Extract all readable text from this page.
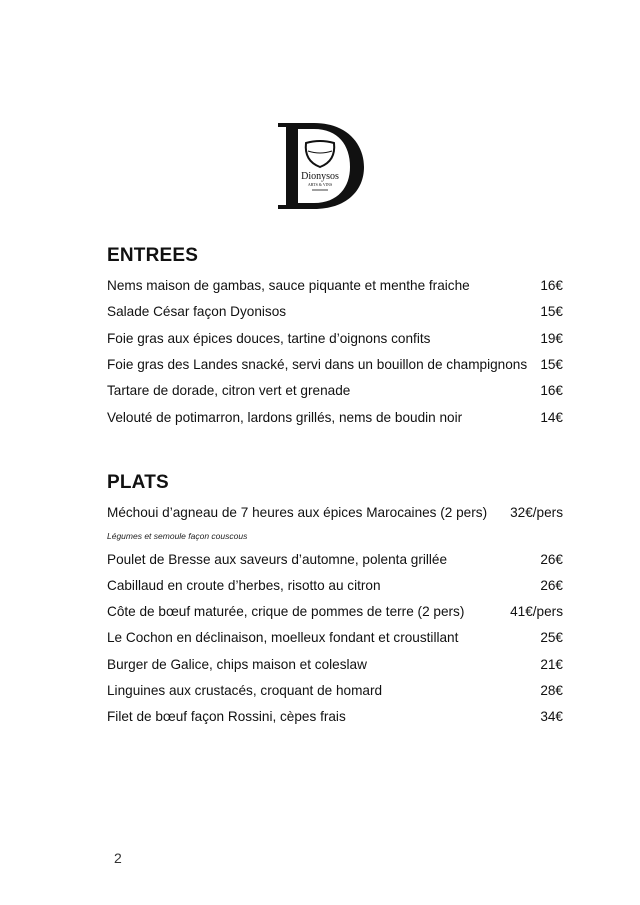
Dionysos
ARTS & VINS
ENTREES
Nems maison de gambas, sauce piquante et menthe fraiche	16€
Salade César façon Dyonisos	15€
Foie gras aux épices douces, tartine d’oignons confits	19€
Foie gras des Landes snacké, servi dans un bouillon de champignons 15€
Tartare de dorade, citron vert et grenade	16€
Velouté de potimarron, lardons grillés, nems de boudin noir	14€
PLATS
Méchoui d’agneau de 7 heures aux épices Marocaines (2 pers) 32€/pers
Légumes et semoule façon couscous
Poulet de Bresse aux saveurs d’automne, polenta grillée	26€
Cabillaud en croute d’herbes, risotto au citron	26€
Côte de bœuf maturée, crique de pommes de terre (2 pers)	41€/pers
Le Cochon en déclinaison, moelleux fondant et croustillant	25€
Burger de Galice, chips maison et coleslaw	21€
Linguines aux crustacés, croquant de homard	28€
Filet de bœuf façon Rossini, cèpes frais	34€
2
